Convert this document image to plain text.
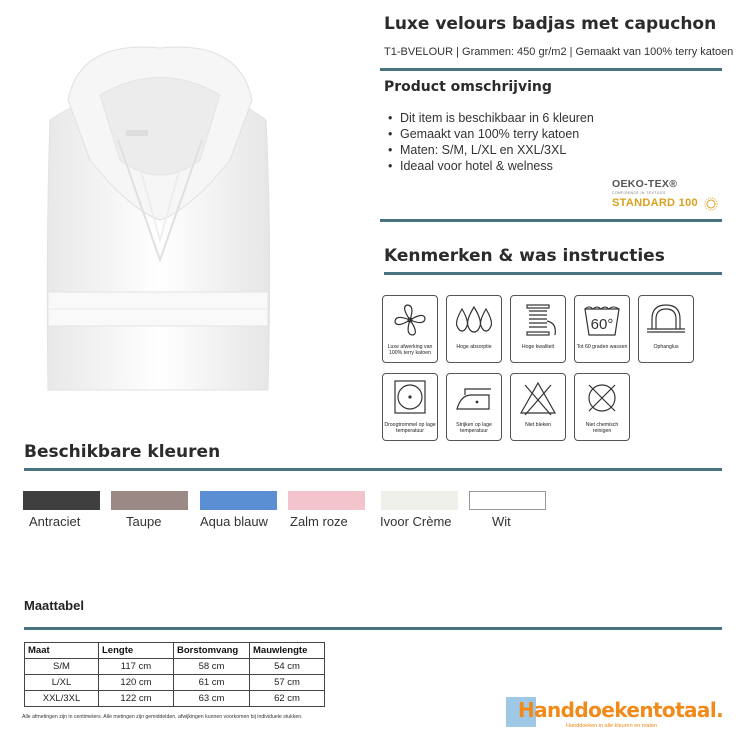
Luxe velours badjas met capuchon
T1-BVELOUR | Grammen: 450 gr/m2 | Gemaakt van 100% terry katoen
Product omschrijving
• Dit item is beschikbaar in 6 kleuren
• Gemaakt van 100% terry katoen
• Maten: S/M, L/XL en XXL/3XL
• Ideaal voor hotel & welness
OEKO-TEX®
CONFIDENCE IN TEXTILES
STANDARD 100
Kenmerken & was instructies
Luxe afwerking van 100% terry katoen
Hoge absorptie	Hoge kwaliteit
60°
Tot 60 graden wassen	Ophanglus
Droogtrommel op lage temperatuur
Strijken op lage temperatuur
Niet bleken	Niet chemisch reinigen
Beschikbare kleuren
Antraciet	Taupe	Aqua blauw Zalm roze Ivoor Crème	Wit
Maattabel
Maat	Lengte	Borstomvang	Mauwlengte
S/M	117 cm	58 cm	54 cm
L/XL	120 cm	61 cm	57 cm
XXL/3XL	122 cm	63 cm	62 cm
Alle afmetingen zijn in centimeters. Alle metingen zijn gemiddelden, afwijkingen kunnen voorkomen bij individuele stukken.	Handdoekentotaal.
Handdoeken in alle kleuren en maten
